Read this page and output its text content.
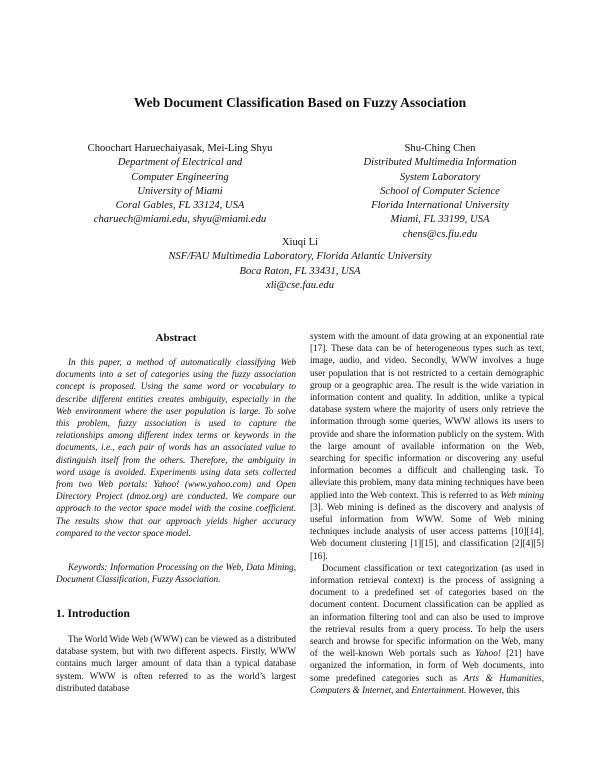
Web Document Classification Based on Fuzzy Association
Choochart Haruechaiyasak, Mei-Ling Shyu
Department of Electrical and
Computer Engineering
University of Miami
Coral Gables, FL 33124, USA
charuech@miami.edu, shyu@miami.edu
Shu-Ching Chen
Distributed Multimedia Information
System Laboratory
School of Computer Science
Florida International University
Miami, FL 33199, USA
chens@cs.fiu.edu
Xiuqi Li
NSF/FAU Multimedia Laboratory, Florida Atlantic University
Boca Raton, FL 33431, USA
xli@cse.fau.edu
Abstract
In this paper, a method of automatically classifying Web documents into a set of categories using the fuzzy association concept is proposed. Using the same word or vocabulary to describe different entities creates ambiguity, especially in the Web environment where the user population is large. To solve this problem, fuzzy association is used to capture the relationships among different index terms or keywords in the documents, i.e., each pair of words has an associated value to distinguish itself from the others. Therefore, the ambiguity in word usage is avoided. Experiments using data sets collected from two Web portals: Yahoo! (www.yahoo.com) and Open Directory Project (dmoz.org) are conducted. We compare our approach to the vector space model with the cosine coefficient. The results show that our approach yields higher accuracy compared to the vector space model.
Keywords: Information Processing on the Web, Data Mining, Document Classification, Fuzzy Association.
1. Introduction
The World Wide Web (WWW) can be viewed as a distributed database system, but with two different aspects. Firstly, WWW contains much larger amount of data than a typical database system. WWW is often referred to as the world’s largest distributed database

system with the amount of data growing at an exponential rate [17]. These data can be of heterogeneous types such as text, image, audio, and video. Secondly, WWW involves a huge user population that is not restricted to a certain demographic group or a geographic area. The result is the wide variation in information content and quality. In addition, unlike a typical database system where the majority of users only retrieve the information through some queries, WWW allows its users to provide and share the information publicly on the system. With the large amount of available information on the Web, searching for specific information or discovering any useful information becomes a difficult and challenging task. To alleviate this problem, many data mining techniques have been applied into the Web context. This is referred to as Web mining [3]. Web mining is defined as the discovery and analysis of useful information from WWW. Some of Web mining techniques include analysis of user access patterns [10][14], Web document clustering [1][15], and classification [2][4][5][16].

Document classification or text categorization (as used in information retrieval context) is the process of assigning a document to a predefined set of categories based on the document content. Document classification can be applied as an information filtering tool and can also be used to improve the retrieval results from a query process. To help the users search and browse for specific information on the Web, many of the well-known Web portals such as Yahoo! [21] have organized the information, in form of Web documents, into some predefined categories such as Arts & Humanities, Computers & Internet, and Entertainment. However, this
